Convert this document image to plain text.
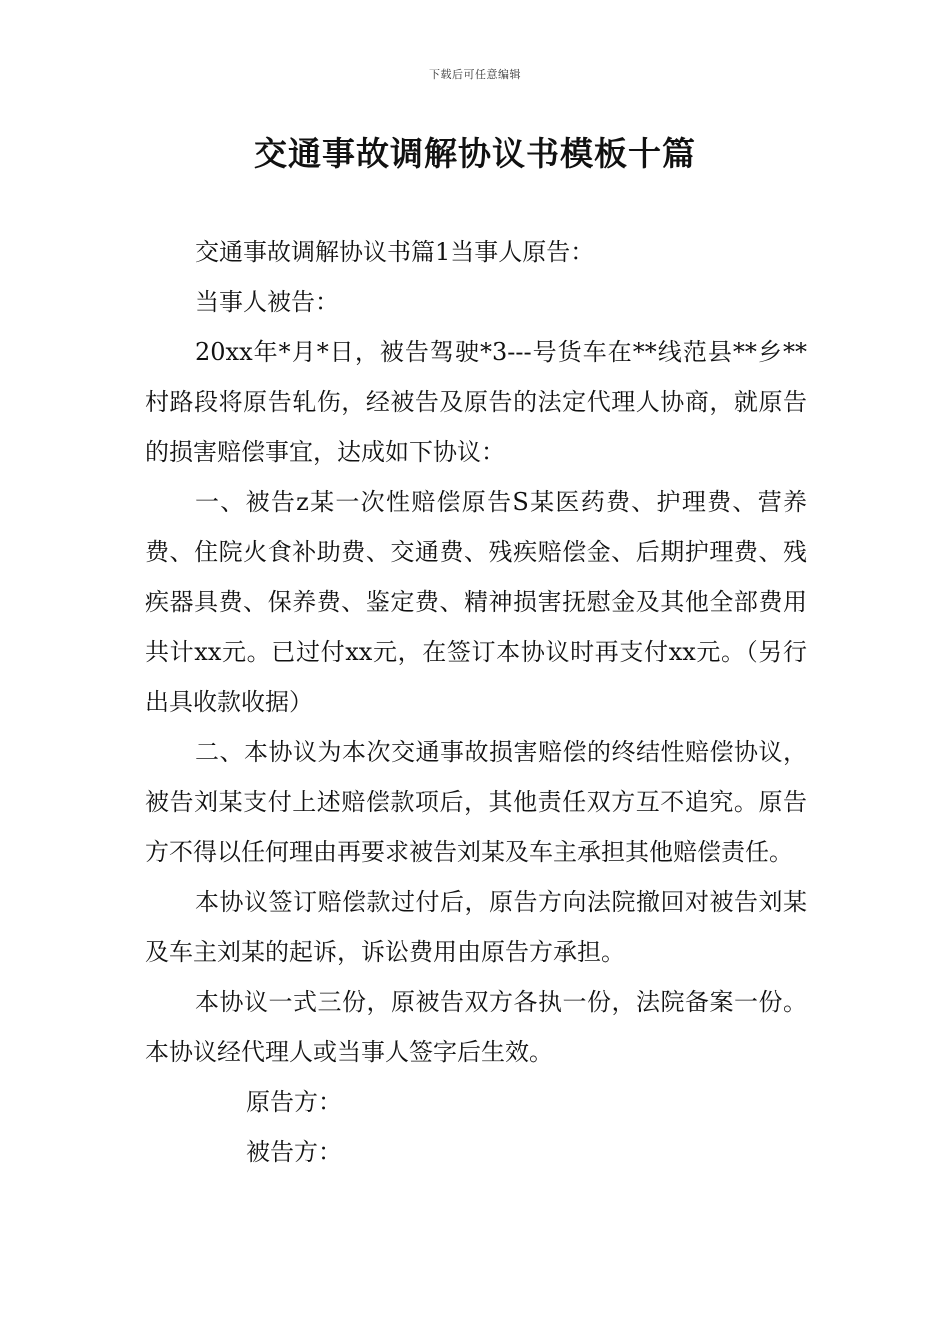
下载后可任意编辑
交通事故调解协议书模板十篇

交通事故调解协议书篇1当事人原告：

当事人被告：

20xx年*月*日，被告驾驶*3---号货车在**线范县**乡**村路段将原告轧伤，经被告及原告的法定代理人协商，就原告的损害赔偿事宜，达成如下协议：

一、被告z某一次性赔偿原告S某医药费、护理费、营养费、住院火食补助费、交通费、残疾赔偿金、后期护理费、残疾器具费、保养费、鉴定费、精神损害抚慰金及其他全部费用共计xx元。已过付xx元，在签订本协议时再支付xx元。（另行出具收款收据）

二、本协议为本次交通事故损害赔偿的终结性赔偿协议，被告刘某支付上述赔偿款项后，其他责任双方互不追究。原告方不得以任何理由再要求被告刘某及车主承担其他赔偿责任。

本协议签订赔偿款过付后，原告方向法院撤回对被告刘某及车主刘某的起诉，诉讼费用由原告方承担。

本协议一式三份，原被告双方各执一份，法院备案一份。本协议经代理人或当事人签字后生效。

原告方：

被告方：
